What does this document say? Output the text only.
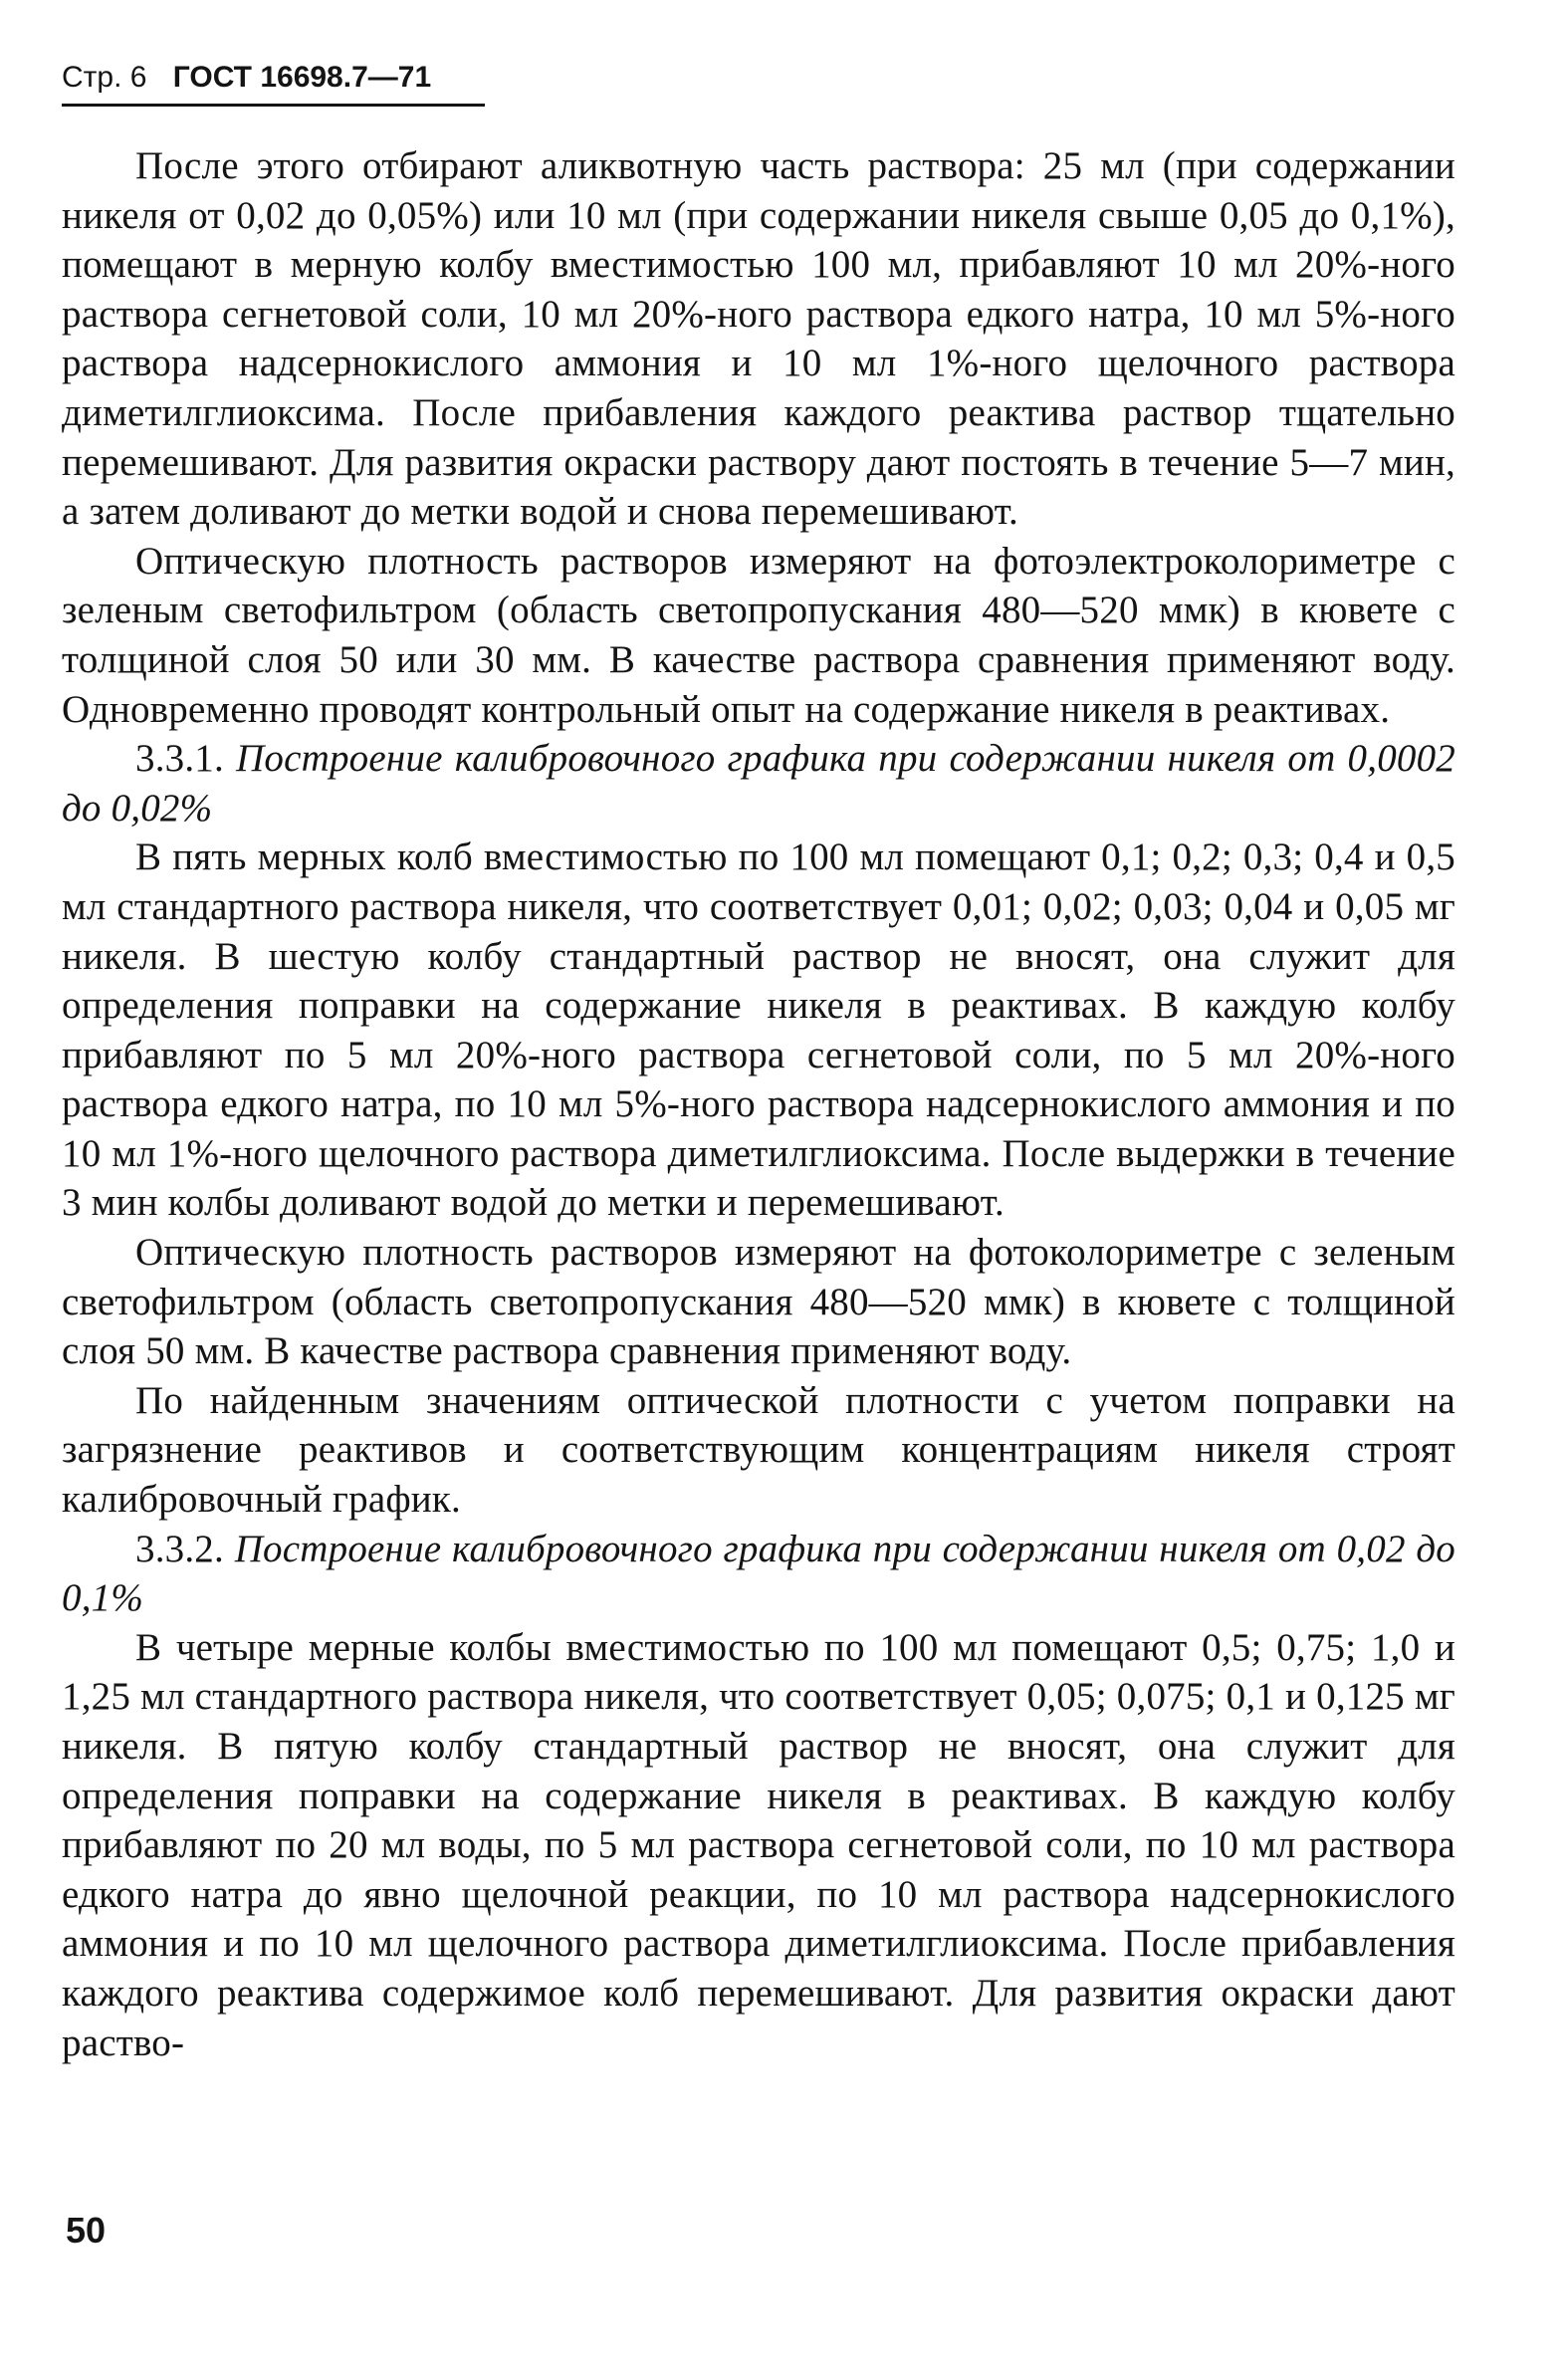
Стр. 6 ГОСТ 16698.7—71

После этого отбирают аликвотную часть раствора: 25 мл (при содержании никеля от 0,02 до 0,05%) или 10 мл (при содержании никеля свыше 0,05 до 0,1%), помещают в мерную колбу вместимостью 100 мл, прибавляют 10 мл 20%-ного раствора сегнетовой соли, 10 мл 20%-ного раствора едкого натра, 10 мл 5%-ного раствора надсернокислого аммония и 10 мл 1%-ного щелочного раствора диметилглиоксима. После прибавления каждого реактива раствор тщательно перемешивают. Для развития окраски раствору дают постоять в течение 5—7 мин, а затем доливают до метки водой и снова перемешивают.

Оптическую плотность растворов измеряют на фотоэлектроколориметре с зеленым светофильтром (область светопропускания 480—520 ммк) в кювете с толщиной слоя 50 или 30 мм. В качестве раствора сравнения применяют воду. Одновременно проводят контрольный опыт на содержание никеля в реактивах.

3.3.1. Построение калибровочного графика при содержании никеля от 0,0002 до 0,02%

В пять мерных колб вместимостью по 100 мл помещают 0,1; 0,2; 0,3; 0,4 и 0,5 мл стандартного раствора никеля, что соответствует 0,01; 0,02; 0,03; 0,04 и 0,05 мг никеля. В шестую колбу стандартный раствор не вносят, она служит для определения поправки на содержание никеля в реактивах. В каждую колбу прибавляют по 5 мл 20%-ного раствора сегнетовой соли, по 5 мл 20%-ного раствора едкого натра, по 10 мл 5%-ного раствора надсернокислого аммония и по 10 мл 1%-ного щелочного раствора диметилглиоксима. После выдержки в течение 3 мин колбы доливают водой до метки и перемешивают.

Оптическую плотность растворов измеряют на фотоколориметре с зеленым светофильтром (область светопропускания 480—520 ммк) в кювете с толщиной слоя 50 мм. В качестве раствора сравнения применяют воду.

По найденным значениям оптической плотности с учетом поправки на загрязнение реактивов и соответствующим концентрациям никеля строят калибровочный график.

3.3.2. Построение калибровочного графика при содержании никеля от 0,02 до 0,1%

В четыре мерные колбы вместимостью по 100 мл помещают 0,5; 0,75; 1,0 и 1,25 мл стандартного раствора никеля, что соответствует 0,05; 0,075; 0,1 и 0,125 мг никеля. В пятую колбу стандартный раствор не вносят, она служит для определения поправки на содержание никеля в реактивах. В каждую колбу прибавляют по 20 мл воды, по 5 мл раствора сегнетовой соли, по 10 мл раствора едкого натра до явно щелочной реакции, по 10 мл раствора надсернокислого аммония и по 10 мл щелочного раствора диметилглиоксима. После прибавления каждого реактива содержимое колб перемешивают. Для развития окраски дают раство-

50
